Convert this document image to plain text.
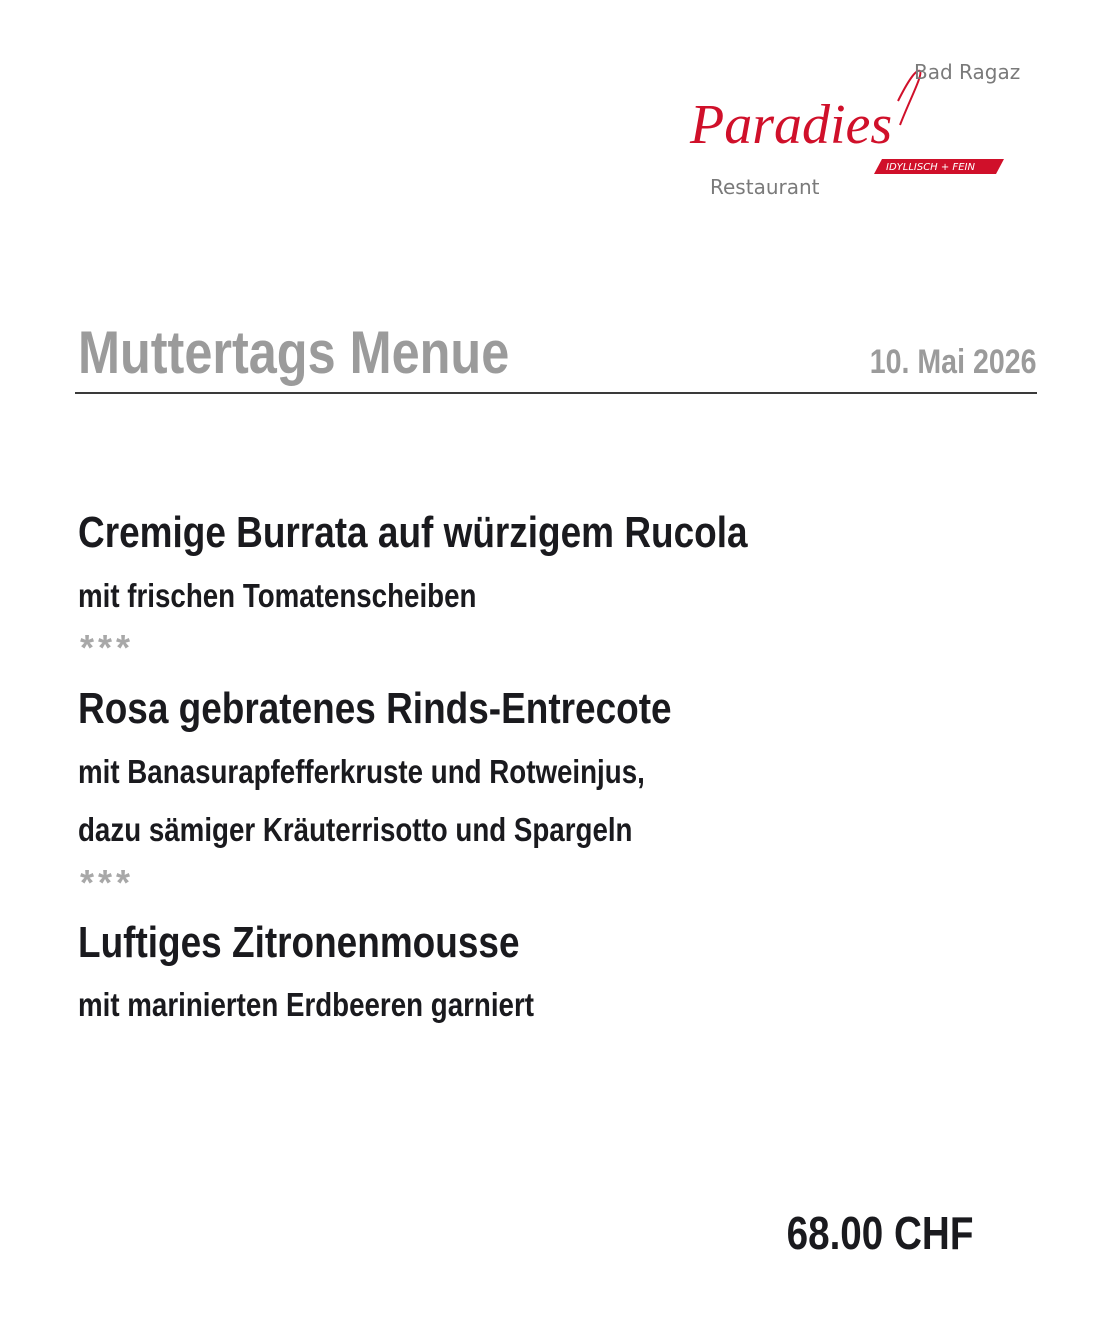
Paradies
Bad Ragaz
IDYLLISCH + FEIN
Restaurant
Muttertags Menue	10. Mai 2026
Cremige Burrata auf würzigem Rucola
mit frischen Tomatenscheiben
***
Rosa gebratenes Rinds-Entrecote
mit Banasurapfefferkruste und Rotweinjus,
dazu sämiger Kräuterrisotto und Spargeln
***
Luftiges Zitronenmousse
mit marinierten Erdbeeren garniert
68.00 CHF
